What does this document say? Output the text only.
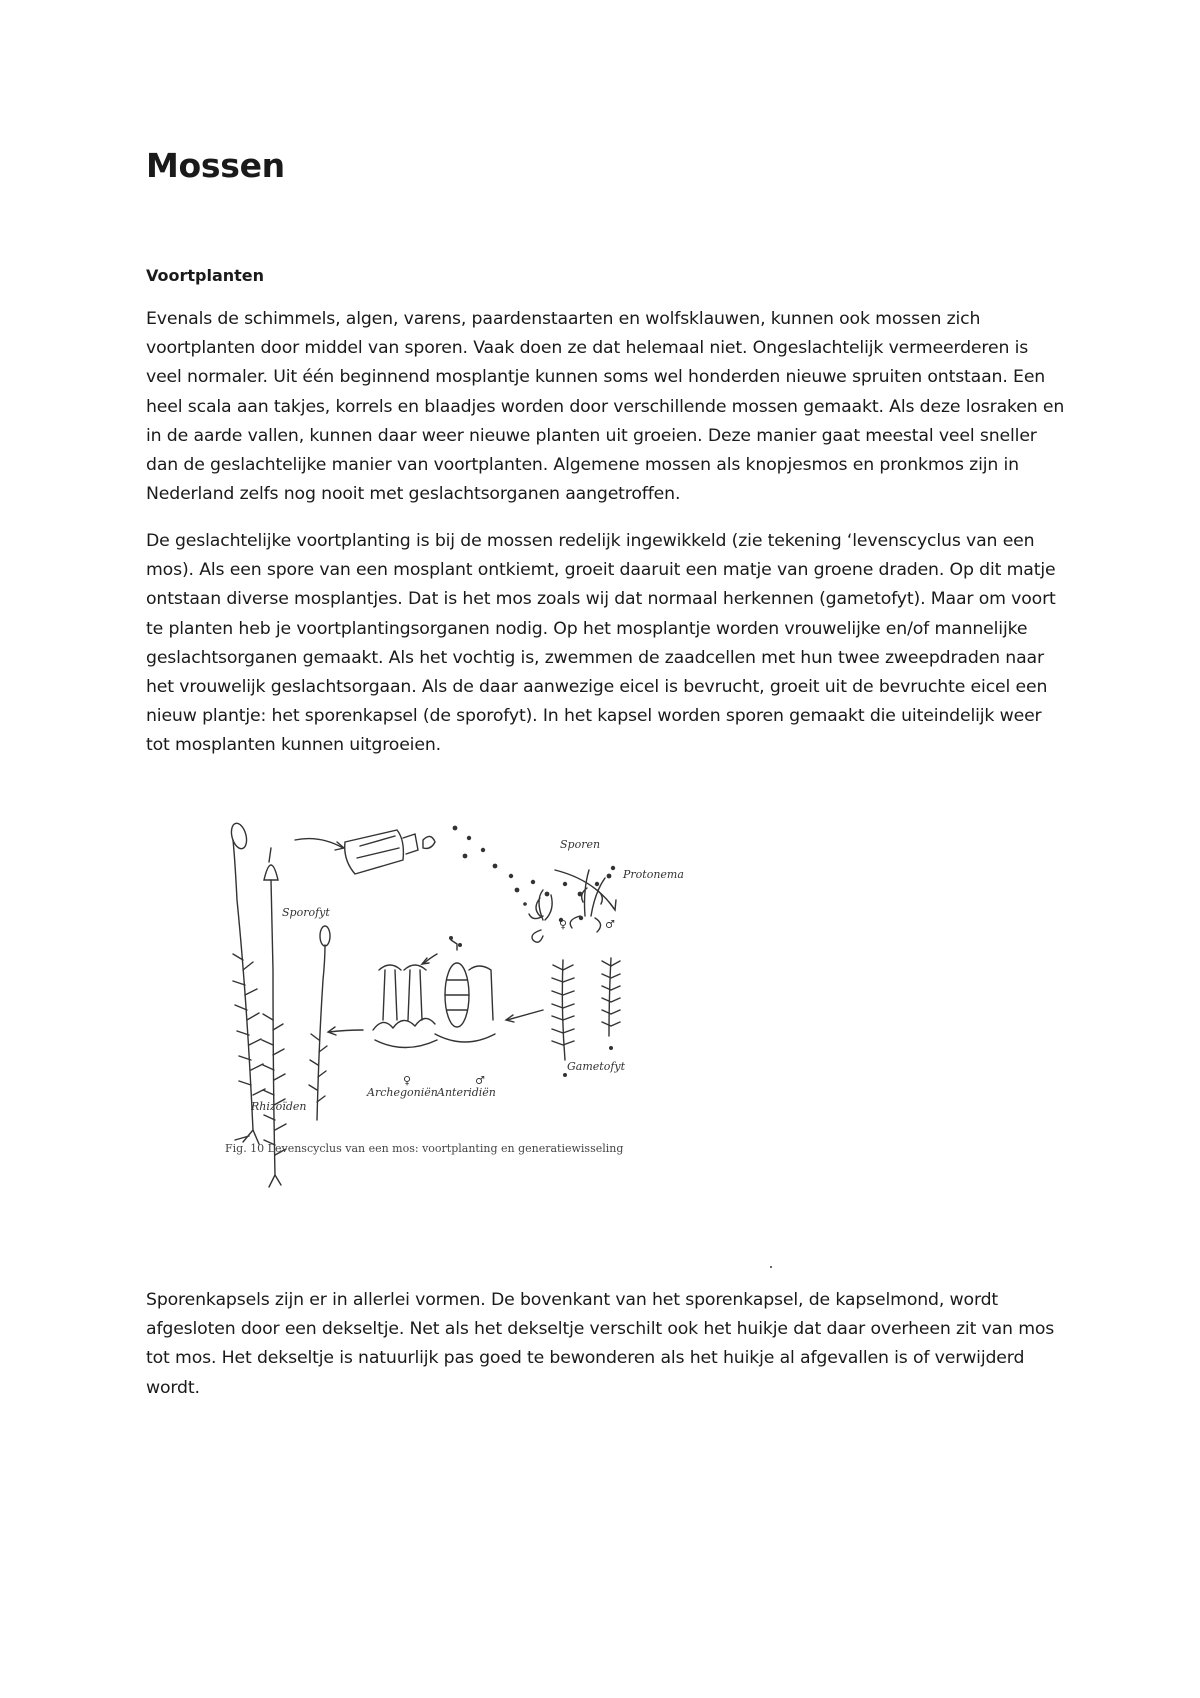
Mossen
Voortplanten

Evenals de schimmels, algen, varens, paardenstaarten en wolfsklauwen, kunnen ook mossen zich voortplanten door middel van sporen. Vaak doen ze dat helemaal niet. Ongeslachtelijk vermeerderen is veel normaler. Uit één beginnend mosplantje kunnen soms wel honderden nieuwe spruiten ontstaan. Een heel scala aan takjes, korrels en blaadjes worden door verschillende mossen gemaakt. Als deze losraken en in de aarde vallen, kunnen daar weer nieuwe planten uit groeien. Deze manier gaat meestal veel sneller dan de geslachtelijke manier van voortplanten. Algemene mossen als knopjesmos en pronkmos zijn in Nederland zelfs nog nooit met geslachtsorganen aangetroffen.

De geslachtelijke voortplanting is bij de mossen redelijk ingewikkeld (zie tekening ‘levenscyclus van een mos). Als een spore van een mosplant ontkiemt, groeit daaruit een matje van groene draden. Op dit matje ontstaan diverse mosplantjes. Dat is het mos zoals wij dat normaal herkennen (gametofyt). Maar om voort te planten heb je voortplantingsorganen nodig. Op het mosplantje worden vrouwelijke en/of mannelijke geslachtsorganen gemaakt. Als het vochtig is, zwemmen de zaadcellen met hun twee zweepdraden naar het vrouwelijk geslachtsorgaan. Als de daar aanwezige eicel is bevrucht, groeit uit de bevruchte eicel een nieuw plantje: het sporenkapsel (de sporofyt). In het kapsel worden sporen gemaakt die uiteindelijk weer tot mosplanten kunnen uitgroeien.

Sporen
Protonema
Sporofyt
Gametofyt
Archegoniën Anteridiën
Rhizoïden
♀	♂
♀	♂
Fig. 10 Levenscyclus van een mos: voortplanting en generatiewisseling

Sporenkapsels zijn er in allerlei vormen. De bovenkant van het sporenkapsel, de kapselmond, wordt afgesloten door een dekseltje. Net als het dekseltje verschilt ook het huikje dat daar overheen zit van mos tot mos. Het dekseltje is natuurlijk pas goed te bewonderen als het huikje al afgevallen is of verwijderd wordt.
